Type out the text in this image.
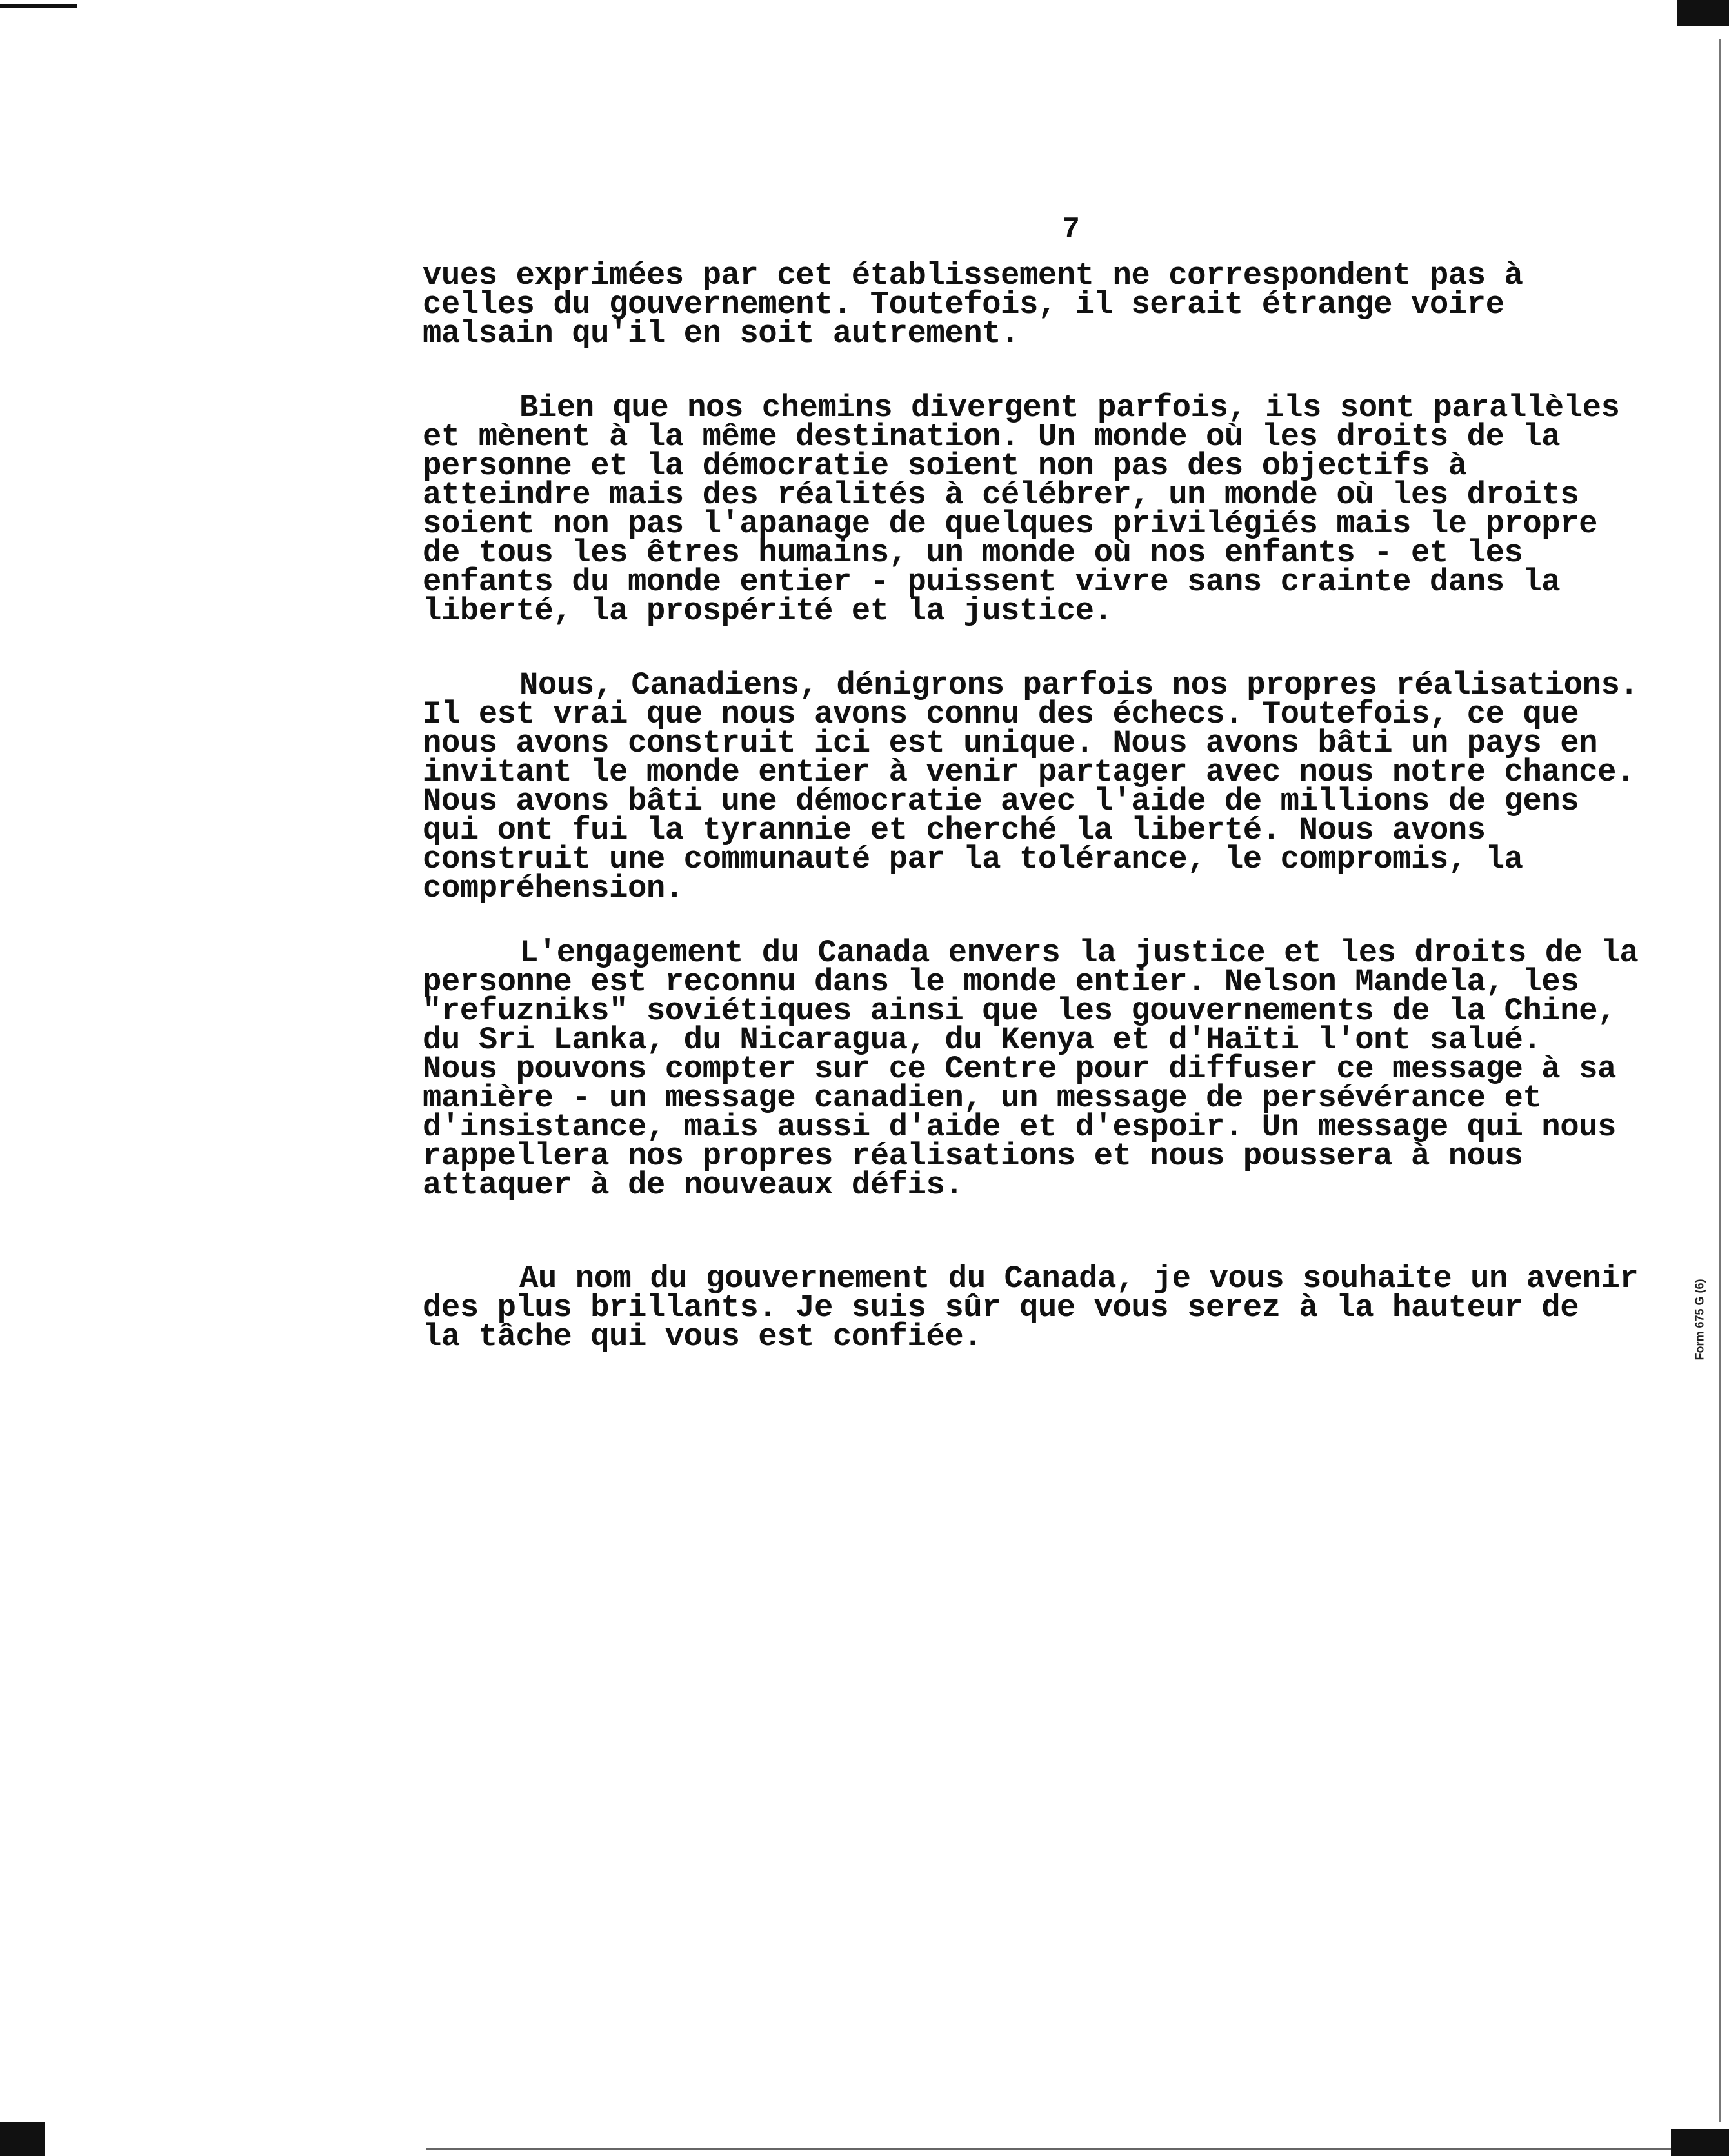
7
vues exprimées par cet établissement ne correspondent pas à
celles du gouvernement. Toutefois, il serait étrange voire
malsain qu'il en soit autrement.
Bien que nos chemins divergent parfois, ils sont parallèles
et mènent à la même destination. Un monde où les droits de la
personne et la démocratie soient non pas des objectifs à
atteindre mais des réalités à célébrer, un monde où les droits
soient non pas l'apanage de quelques privilégiés mais le propre
de tous les êtres humains, un monde où nos enfants - et les
enfants du monde entier - puissent vivre sans crainte dans la
liberté, la prospérité et la justice.
Nous, Canadiens, dénigrons parfois nos propres réalisations.
Il est vrai que nous avons connu des échecs. Toutefois, ce que
nous avons construit ici est unique. Nous avons bâti un pays en
invitant le monde entier à venir partager avec nous notre chance.
Nous avons bâti une démocratie avec l'aide de millions de gens
qui ont fui la tyrannie et cherché la liberté. Nous avons
construit une communauté par la tolérance, le compromis, la
compréhension.
L'engagement du Canada envers la justice et les droits de la
personne est reconnu dans le monde entier. Nelson Mandela, les
"refuzniks" soviétiques ainsi que les gouvernements de la Chine,
du Sri Lanka, du Nicaragua, du Kenya et d'Haïti l'ont salué.
Nous pouvons compter sur ce Centre pour diffuser ce message à sa
manière - un message canadien, un message de persévérance et
d'insistance, mais aussi d'aide et d'espoir. Un message qui nous
rappellera nos propres réalisations et nous poussera à nous
attaquer à de nouveaux défis.
Au nom du gouvernement du Canada, je vous souhaite un avenir
des plus brillants. Je suis sûr que vous serez à la hauteur de
la tâche qui vous est confiée.	Form 675 G (6)
